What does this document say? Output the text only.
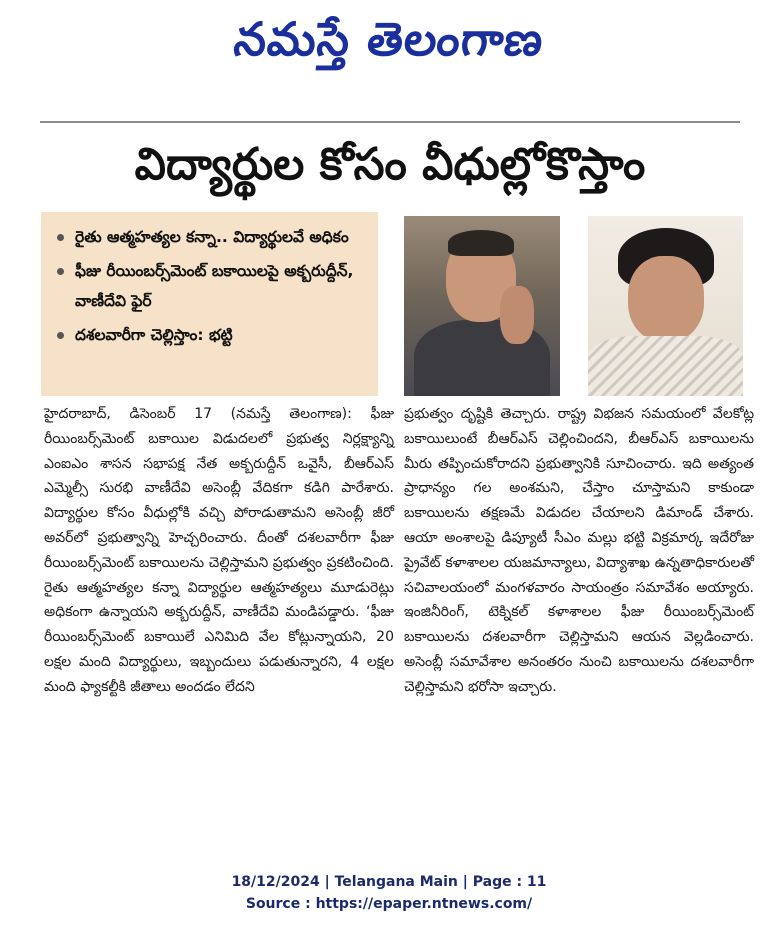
నమస్తే తెలంగాణ
విద్యార్థుల కోసం వీధుల్లోకొస్తాం
రైతు ఆత్మహత్యల కన్నా.. విద్యార్థులవే అధికం
ఫీజు రీయింబర్స్‌మెంట్ బకాయిలపై అక్బరుద్దీన్, వాణీదేవి ఫైర్
దశలవారీగా చెల్లిస్తాం: భట్టి
హైదరాబాద్, డిసెంబర్ 17 (నమస్తే తెలంగాణ): ఫీజు రీయింబర్స్‌మెంట్ బకాయిల విడుదలలో ప్రభుత్వ నిర్లక్ష్యాన్ని ఎంఐఎం శాసన సభాపక్ష నేత అక్బరుద్దీన్ ఒవైసీ, బీఆర్ఎస్ ఎమ్మెల్సీ సురభి వాణీదేవి అసెంబ్లీ వేదికగా కడిగి పారేశారు. విద్యార్థుల కోసం వీధుల్లోకి వచ్చి పోరాడుతామని అసెంబ్లీ జీరో అవర్‌లో ప్రభుత్వాన్ని హెచ్చరించారు. దీంతో దశలవారీగా ఫీజు రీయింబర్స్‌మెంట్ బకాయిలను చెల్లిస్తామని ప్రభుత్వం ప్రకటించింది. రైతు ఆత్మహత్యల కన్నా విద్యార్థుల ఆత్మహత్యలు మూడురెట్లు అధికంగా ఉన్నాయని అక్బరుద్దీన్, వాణీదేవి మండిపడ్డారు. ‘ఫీజు రీయింబర్స్‌మెంట్ బకాయిలే ఎనిమిది వేల కోట్లున్నాయని, 20 లక్షల మంది విద్యార్థులు, ఇబ్బందులు పడుతున్నారని, 4 లక్షల మంది ఫ్యాకల్టీకి జీతాలు అందడం లేదని
ప్రభుత్వం దృష్టికి తెచ్చారు. రాష్ట్ర విభజన సమయంలో వేలకోట్ల బకాయిలుంటే బీఆర్ఎస్ చెల్లించిందని, బీఆర్ఎస్ బకాయిలను మీరు తప్పించుకోరాదని ప్రభుత్వానికి సూచించారు. ఇది అత్యంత ప్రాధాన్యం గల అంశమని, చేస్తాం చూస్తామని కాకుండా బకాయిలను తక్షణమే విడుదల చేయాలని డిమాండ్ చేశారు. ఆయా అంశాలపై డిప్యూటీ సీఎం మల్లు భట్టి విక్రమార్క ఇదేరోజు ప్రైవేట్ కళాశాలల యజమాన్యాలు, విద్యాశాఖ ఉన్నతాధికారులతో సచివాలయంలో మంగళవారం సాయంత్రం సమావేశం అయ్యారు. ఇంజినీరింగ్, టెక్నికల్ కళాశాలల ఫీజు రీయింబర్స్‌మెంట్ బకాయిలను దశలవారీగా చెల్లిస్తామని ఆయన వెల్లడించారు. అసెంబ్లీ సమావేశాల అనంతరం నుంచి బకాయిలను దశలవారీగా చెల్లిస్తామని భరోసా ఇచ్చారు.
18/12/2024 | Telangana Main | Page : 11
Source : https://epaper.ntnews.com/
